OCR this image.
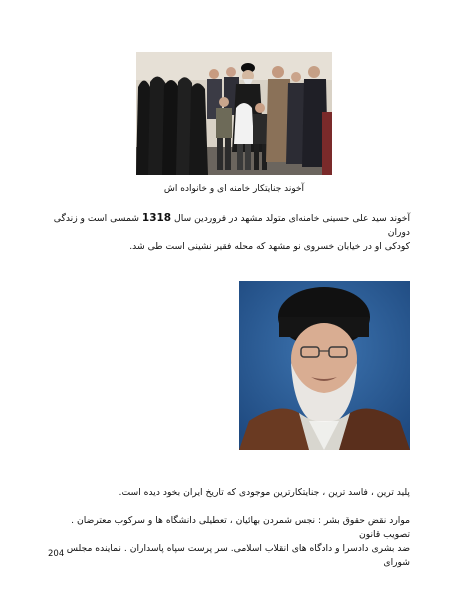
آخوند جنایتکار خامنه ای و خانواده اش
آخوند سید علی حسینی خامنه‌ای متولد مشهد در فروردین سال 1318 شمسی است و زندگی دوران
کودکی او در خیابان خسروی نو مشهد که محله فقیر نشینی است طی شد.
پلید ترین ، فاسد ترین ، جنایتکارترین موجودی که تاریخ ایران بخود دیده است.
موارد نقض حقوق بشر : نجس شمردن بهائیان ، تعطیلی دانشگاه ها و سرکوب معترضان . تصویب قانون
ضد بشری دادسرا و دادگاه های انقلاب اسلامی. سر پرست سپاه پاسداران . نماینده مجلس شورای
204
